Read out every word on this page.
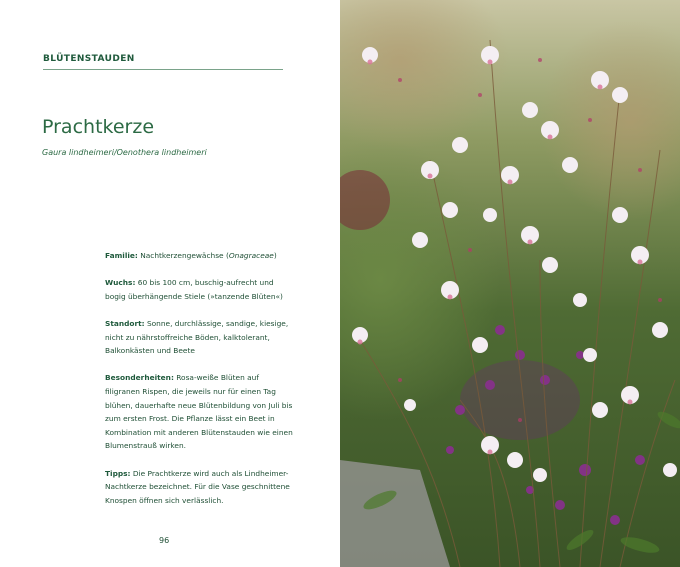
BLÜTENSTAUDEN
Prachtkerze
Gaura lindheimeri/Oenothera lindheimeri

Familie: Nachtkerzengewächse (Onagraceae)

Wuchs: 60 bis 100 cm, buschig-aufrecht und bogig überhängende Stiele (»tanzende Blüten«)

Standort: Sonne, durchlässige, sandige, kiesige, nicht zu nährstoffreiche Böden, kalktolerant, Balkonkästen und Beete

Besonderheiten: Rosa-weiße Blüten auf filigranen Rispen, die jeweils nur für einen Tag blühen, dauerhafte neue Blütenbildung von Juli bis zum ersten Frost. Die Pflanze lässt ein Beet in Kombination mit anderen Blütenstauden wie einen Blumenstrauß wirken.

Tipps: Die Prachtkerze wird auch als Lindheimer-Nachtkerze bezeichnet. Für die Vase geschnittene Knospen öffnen sich verlässlich.

96
